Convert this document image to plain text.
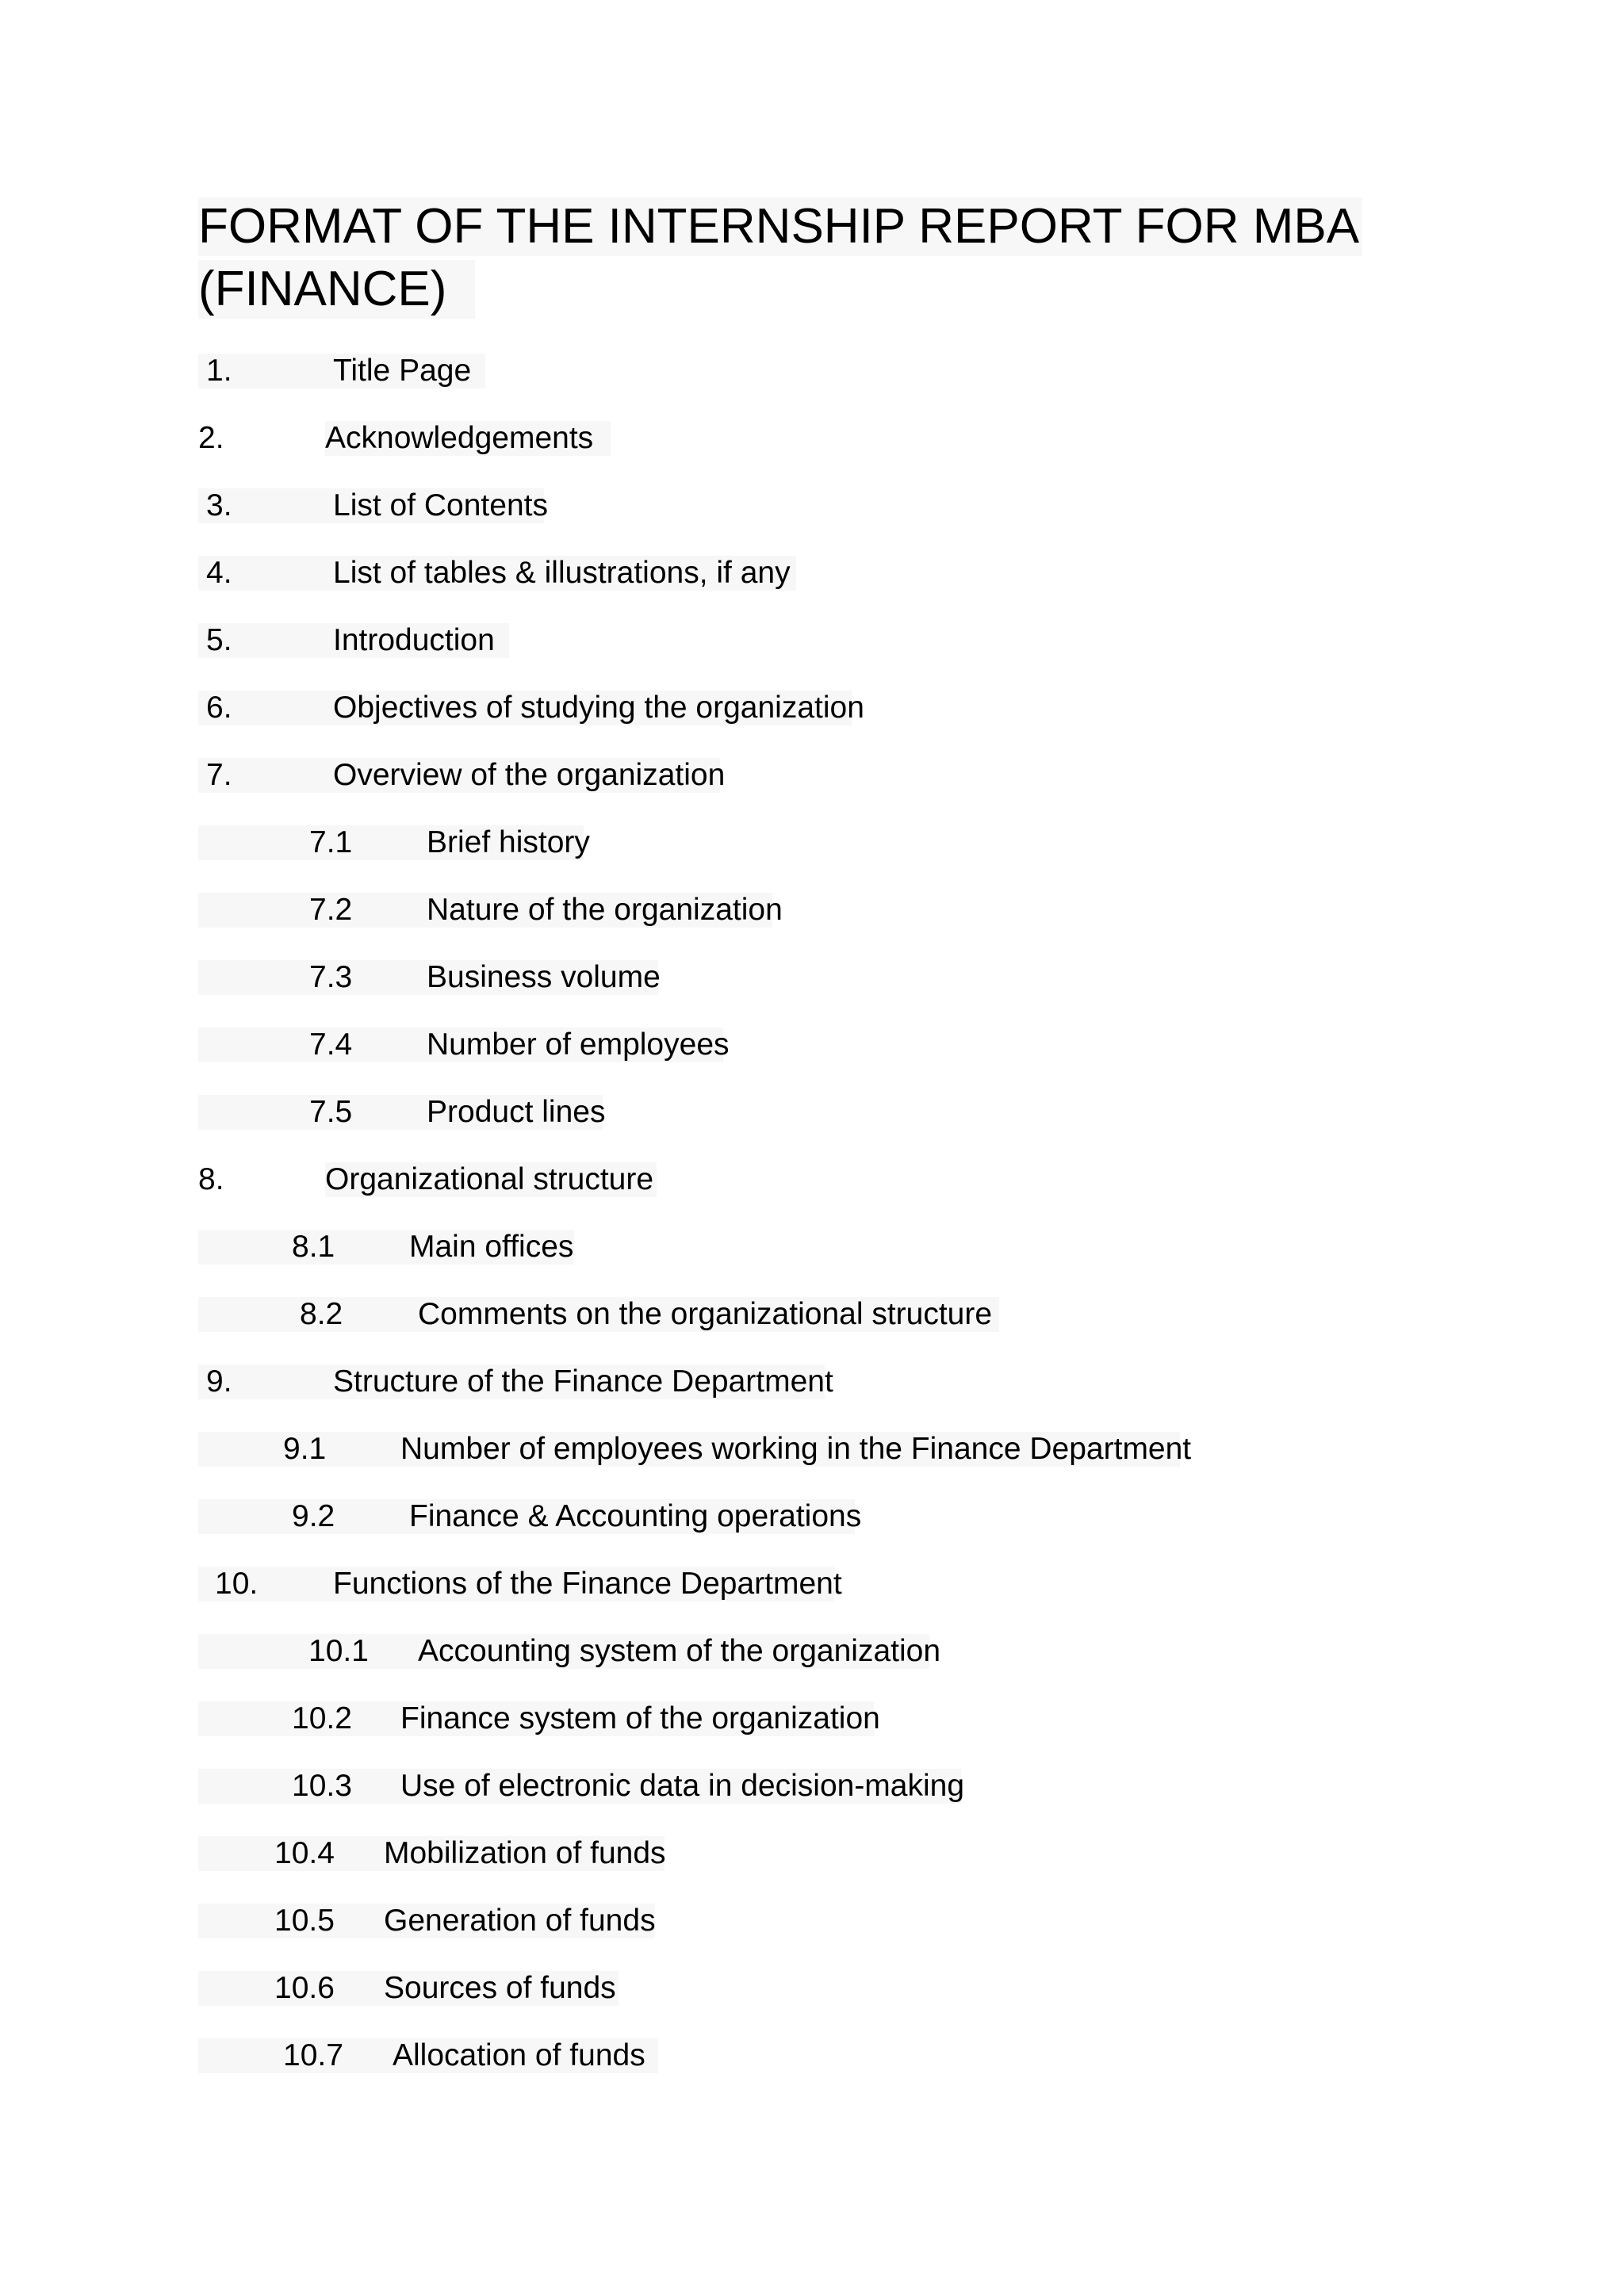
FORMAT OF THE INTERNSHIP REPORT FOR MBA
(FINANCE)
1.	Title Page
2.	Acknowledgements
3.	List of Contents
4.	List of tables & illustrations, if any
5.	Introduction
6.	Objectives of studying the organization
7.	Overview of the organization
7.1 Brief history
7.2 Nature of the organization
7.3 Business volume
7.4 Number of employees
7.5 Product lines
8.	Organizational structure
8.1 Main offices
8.2 Comments on the organizational structure
9.	Structure of the Finance Department
9.1 Number of employees working in the Finance Department
9.2 Finance & Accounting operations
10. Functions of the Finance Department
10.1 Accounting system of the organization
10.2 Finance system of the organization
10.3 Use of electronic data in decision-making
10.4 Mobilization of funds
10.5 Generation of funds
10.6 Sources of funds
10.7 Allocation of funds
